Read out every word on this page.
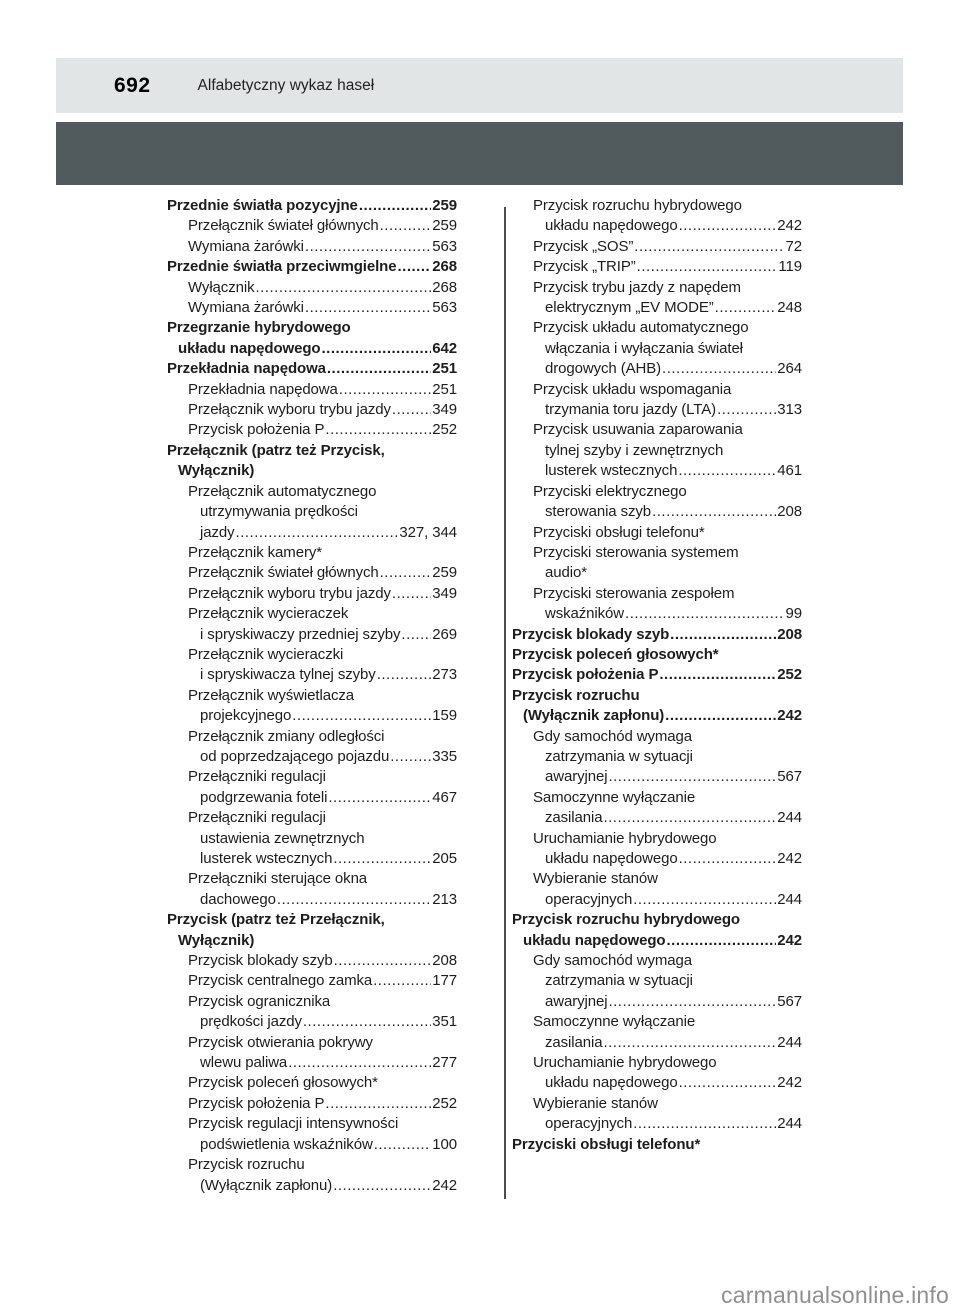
692	Alfabetyczny wykaz haseł
Przednie światła pozycyjne .....	259
Przełącznik świateł głównych .....	259
Wymiana żarówki .....	563
Przednie światła przeciwmgielne ..... 268
Wyłącznik .....	268
Wymiana żarówki .....	563
Przegrzanie hybrydowego
układu napędowego .....	642
Przekładnia napędowa .....	251
Przekładnia napędowa .....	251
Przełącznik wyboru trybu jazdy .....	349
Przycisk położenia P .....	252
Przełącznik (patrz też Przycisk,
Wyłącznik)
Przełącznik automatycznego
utrzymywania prędkości
jazdy .....	327, 344
Przełącznik kamery*
Przełącznik świateł głównych .....	259
Przełącznik wyboru trybu jazdy .....	349
Przełącznik wycieraczek
i spryskiwaczy przedniej szyby ..... 269
Przełącznik wycieraczki
i spryskiwacza tylnej szyby .....	273
Przełącznik wyświetlacza
projekcyjnego .....	159
Przełącznik zmiany odległości
od poprzedzającego pojazdu .....	335
Przełączniki regulacji
podgrzewania foteli .....	467
Przełączniki regulacji
ustawienia zewnętrznych
lusterek wstecznych .....	205
Przełączniki sterujące okna
dachowego .....	213
Przycisk (patrz też Przełącznik,
Wyłącznik)
Przycisk blokady szyb .....	208
Przycisk centralnego zamka .....	177
Przycisk ogranicznika
prędkości jazdy .....	351
Przycisk otwierania pokrywy
wlewu paliwa .....	277
Przycisk poleceń głosowych*
Przycisk położenia P .....	252
Przycisk regulacji intensywności
podświetlenia wskaźników .....	100
Przycisk rozruchu
(Wyłącznik zapłonu) .....	242
Przycisk rozruchu hybrydowego
układu napędowego .....	242
Przycisk „SOS” .....	72
Przycisk „TRIP” .....	119
Przycisk trybu jazdy z napędem
elektrycznym „EV MODE” .....	248
Przycisk układu automatycznego
włączania i wyłączania świateł
drogowych (AHB) .....	264
Przycisk układu wspomagania
trzymania toru jazdy (LTA) .....	313
Przycisk usuwania zaparowania
tylnej szyby i zewnętrznych
lusterek wstecznych .....	461
Przyciski elektrycznego
sterowania szyb .....	208
Przyciski obsługi telefonu*
Przyciski sterowania systemem
audio*
Przyciski sterowania zespołem
wskaźników .....	99
Przycisk blokady szyb .....	208
Przycisk poleceń głosowych*
Przycisk położenia P .....	252
Przycisk rozruchu
(Wyłącznik zapłonu) .....	242
Gdy samochód wymaga
zatrzymania w sytuacji
awaryjnej .....	567
Samoczynne wyłączanie
zasilania .....	244
Uruchamianie hybrydowego
układu napędowego .....	242
Wybieranie stanów
operacyjnych .....	244
Przycisk rozruchu hybrydowego
układu napędowego .....	242
Gdy samochód wymaga
zatrzymania w sytuacji
awaryjnej .....	567
Samoczynne wyłączanie
zasilania .....	244
Uruchamianie hybrydowego
układu napędowego .....	242
Wybieranie stanów
operacyjnych .....	244
Przyciski obsługi telefonu*
carmanualsonline.info
